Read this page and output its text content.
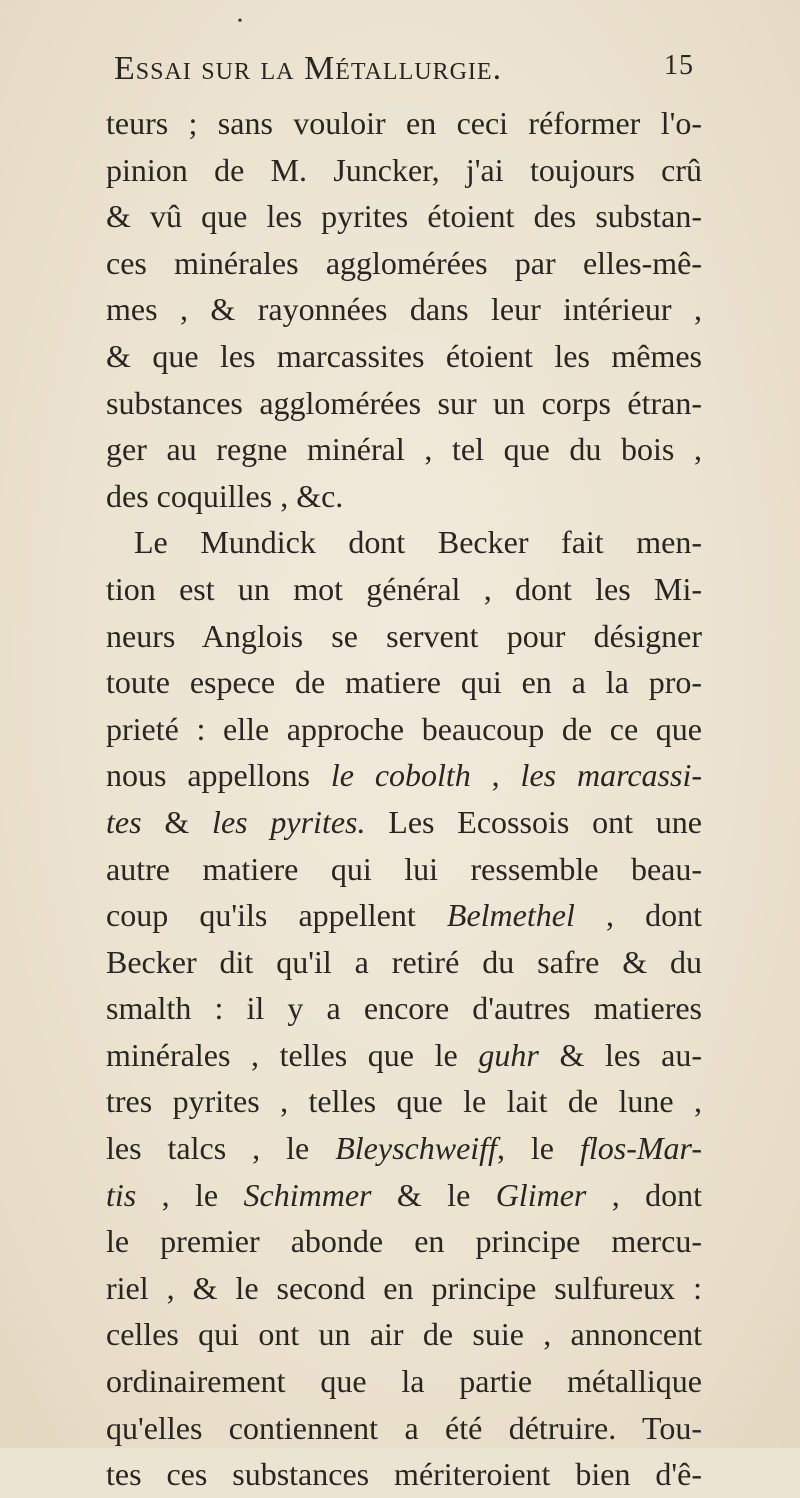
•
Essai sur la Métallurgie.	15
teurs ; sans vouloir en ceci réformer l'o-
pinion de M. Juncker, j'ai toujours crû
& vû que les pyrites étoient des substan-
ces minérales agglomérées par elles-mê-
mes , & rayonnées dans leur intérieur ,
& que les marcassites étoient les mêmes
substances agglomérées sur un corps étran-
ger au regne minéral , tel que du bois ,
des coquilles , &c.
Le Mundick dont Becker fait men-
tion est un mot général , dont les Mi-
neurs Anglois se servent pour désigner
toute espece de matiere qui en a la pro-
prieté : elle approche beaucoup de ce que
nous appellons le cobolth , les marcassi-
tes & les pyrites. Les Ecossois ont une
autre matiere qui lui ressemble beau-
coup qu'ils appellent Belmethel , dont
Becker dit qu'il a retiré du safre & du
smalth : il y a encore d'autres matieres
minérales , telles que le guhr & les au-
tres pyrites , telles que le lait de lune ,
les talcs , le Bleyschweiff, le flos-Mar-
tis , le Schimmer & le Glimer , dont
le premier abonde en principe mercu-
riel , & le second en principe sulfureux :
celles qui ont un air de suie , annoncent
ordinairement que la partie métallique
qu'elles contiennent a été détruire. Tou-
tes ces substances mériteroient bien d'ê-
